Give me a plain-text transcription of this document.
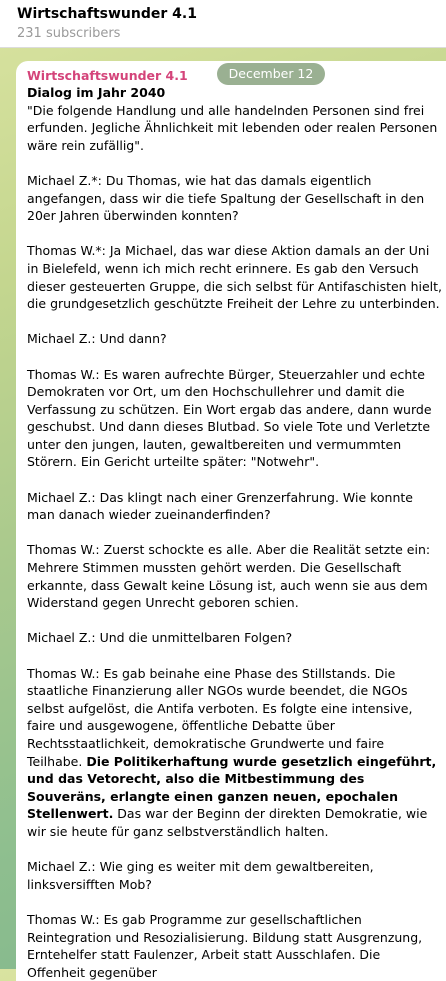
Wirtschaftswunder 4.1
231 subscribers
Wirtschaftswunder 4.1

Dialog im Jahr 2040

"Die folgende Handlung und alle handelnden Personen sind frei erfunden. Jegliche Ähnlichkeit mit lebenden oder realen Personen wäre rein zufällig".

Michael Z.*: Du Thomas, wie hat das damals eigentlich angefangen, dass wir die tiefe Spaltung der Gesellschaft in den 20er Jahren überwinden konnten?

Thomas W.*: Ja Michael, das war diese Aktion damals an der Uni in Bielefeld, wenn ich mich recht erinnere. Es gab den Versuch dieser gesteuerten Gruppe, die sich selbst für Antifaschisten hielt, die grundgesetzlich geschützte Freiheit der Lehre zu unterbinden.

Michael Z.: Und dann?

Thomas W.: Es waren aufrechte Bürger, Steuerzahler und echte Demokraten vor Ort, um den Hochschullehrer und damit die Verfassung zu schützen. Ein Wort ergab das andere, dann wurde geschubst. Und dann dieses Blutbad. So viele Tote und Verletzte unter den jungen, lauten, gewaltbereiten und vermummten Störern. Ein Gericht urteilte später: "Notwehr".

Michael Z.: Das klingt nach einer Grenzerfahrung. Wie konnte man danach wieder zueinanderfinden?

Thomas W.: Zuerst schockte es alle. Aber die Realität setzte ein: Mehrere Stimmen mussten gehört werden. Die Gesellschaft erkannte, dass Gewalt keine Lösung ist, auch wenn sie aus dem Widerstand gegen Unrecht geboren schien.

Michael Z.: Und die unmittelbaren Folgen?

Thomas W.: Es gab beinahe eine Phase des Stillstands. Die staatliche Finanzierung aller NGOs wurde beendet, die NGOs selbst aufgelöst, die Antifa verboten. Es folgte eine intensive, faire und ausgewogene, öffentliche Debatte über Rechtsstaatlichkeit, demokratische Grundwerte und faire Teilhabe. Die Politikerhaftung wurde gesetzlich eingeführt, und das Vetorecht, also die Mitbestimmung des Souveräns, erlangte einen ganzen neuen, epochalen Stellenwert. Das war der Beginn der direkten Demokratie, wie wir sie heute für ganz selbstverständlich halten.

Michael Z.: Wie ging es weiter mit dem gewaltbereiten, linksversifften Mob?

Thomas W.: Es gab Programme zur gesellschaftlichen Reintegration und Resozialisierung. Bildung statt Ausgrenzung, Erntehelfer statt Faulenzer, Arbeit statt Ausschlafen. Die Offenheit gegenüber

December 12
